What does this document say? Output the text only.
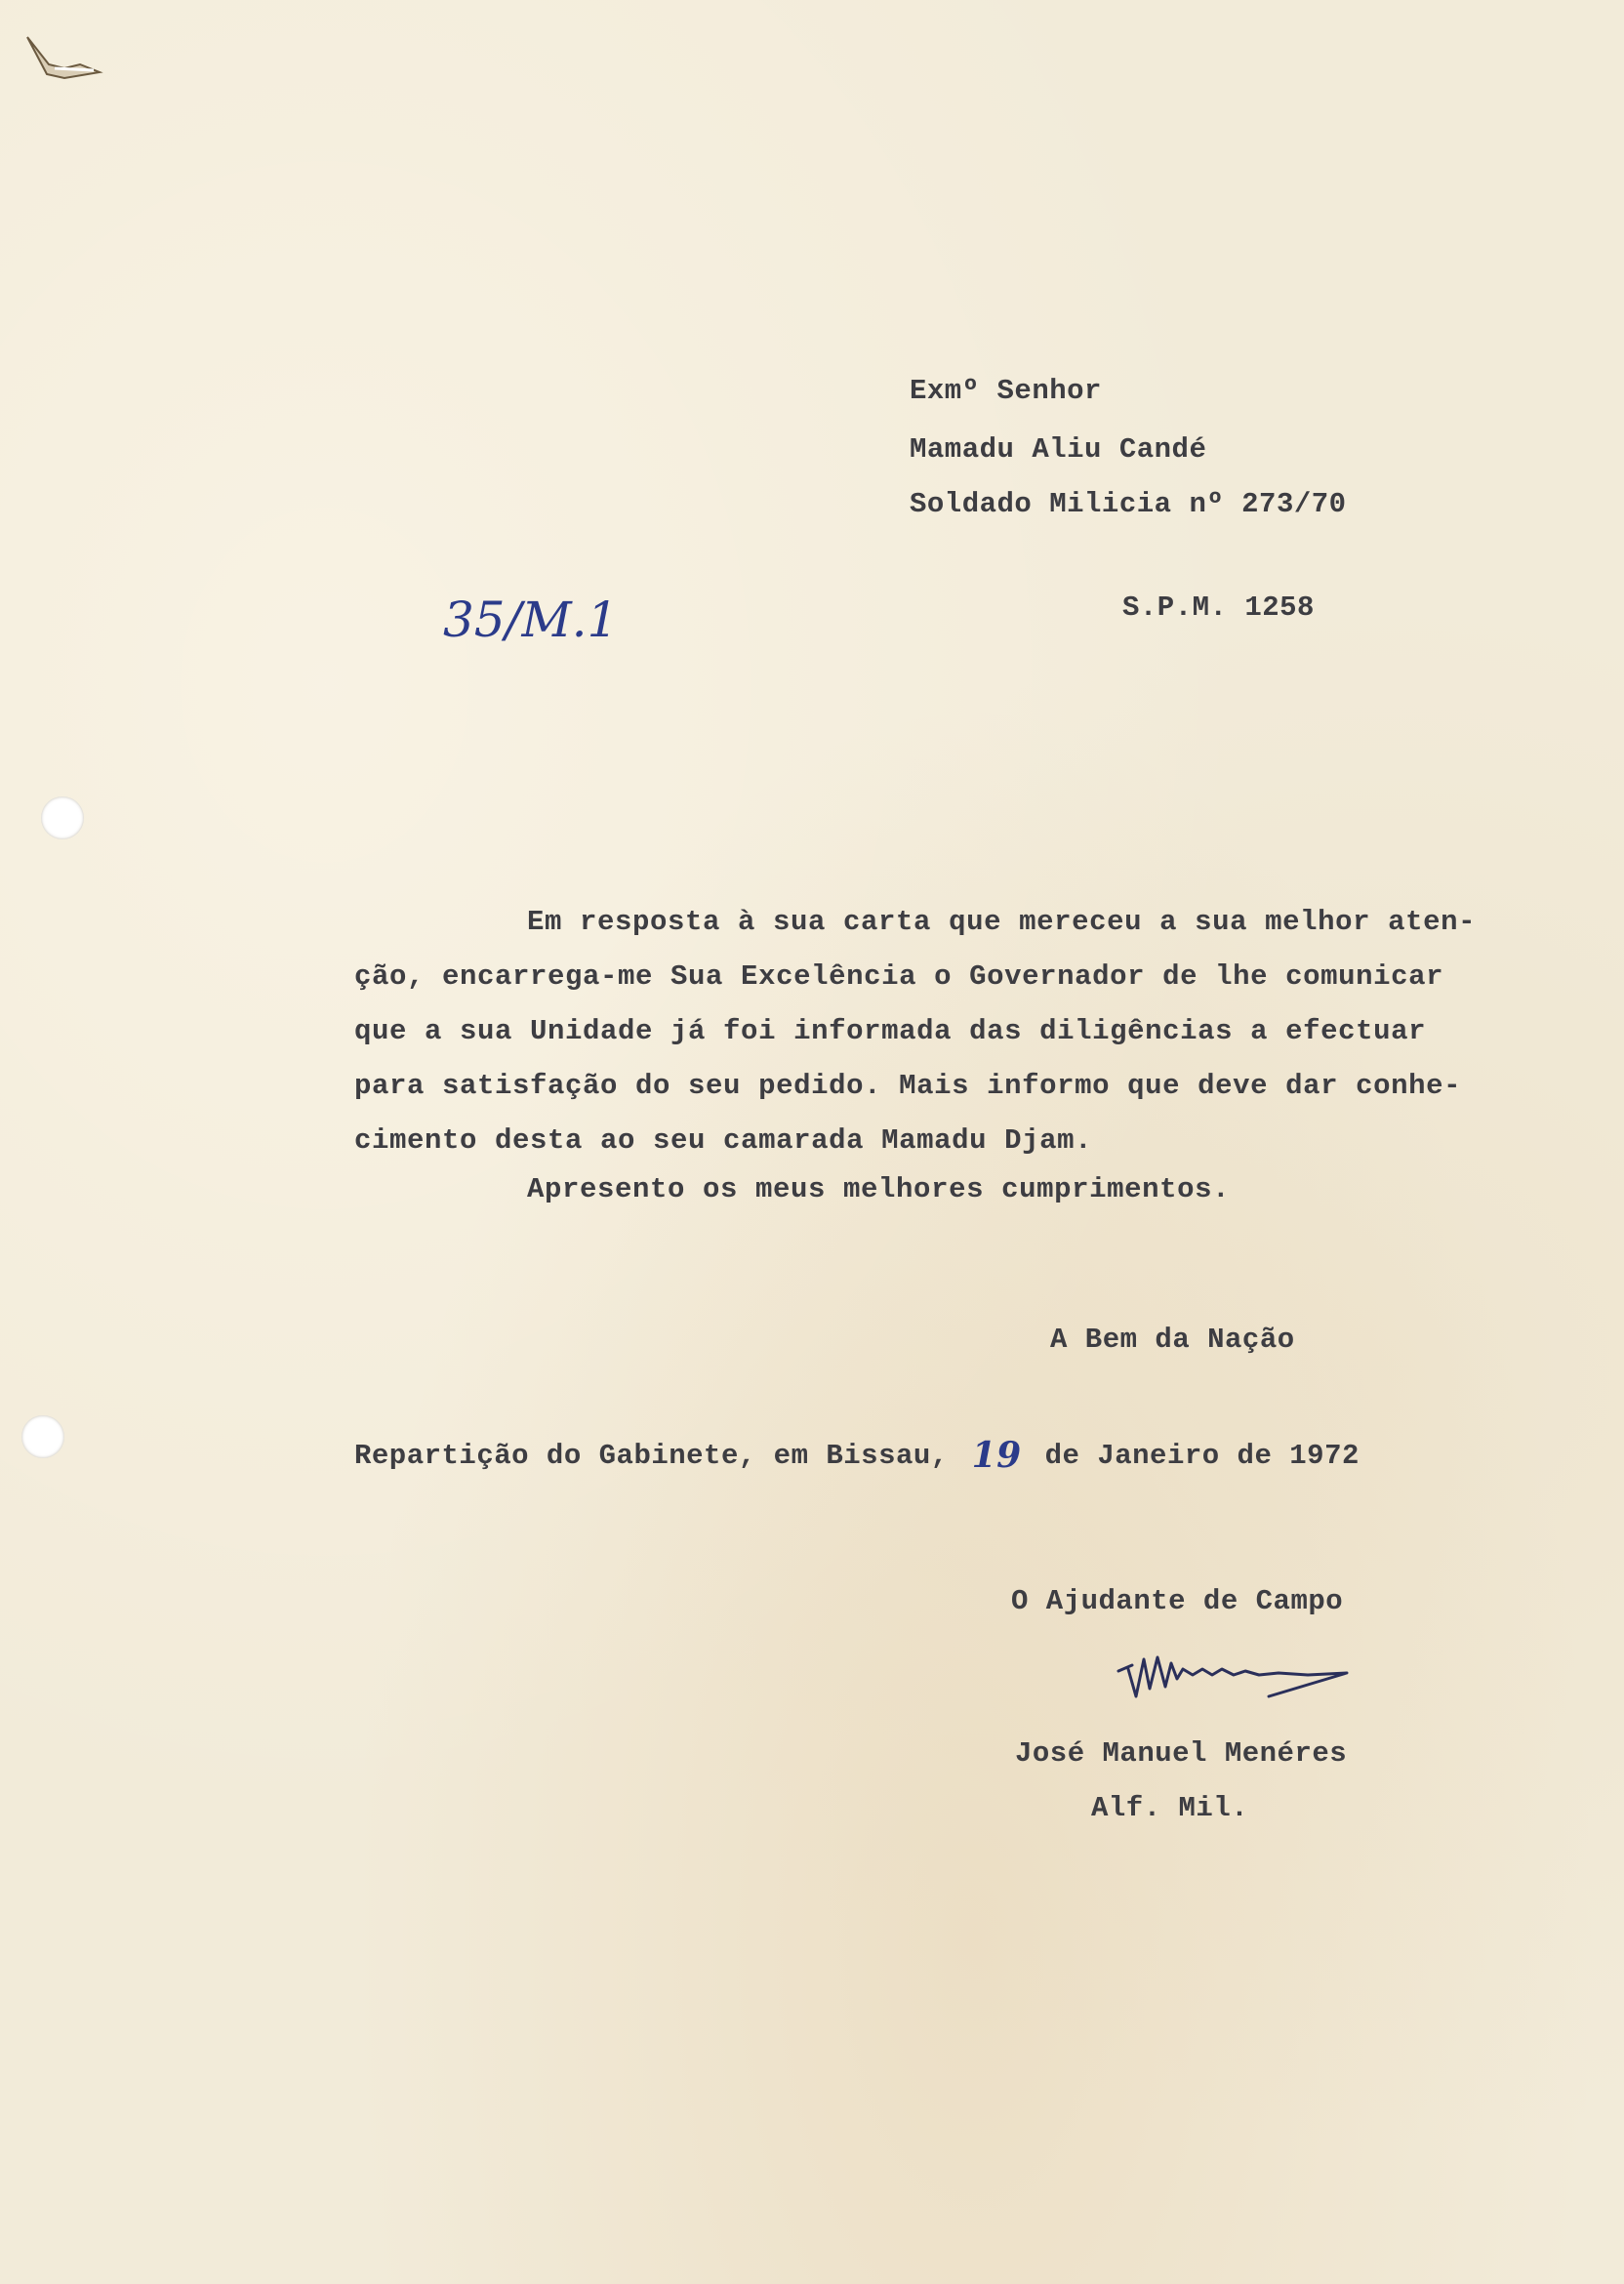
Exmº Senhor
Mamadu Aliu Candé
Soldado Milicia nº 273/70
S.P.M. 1258
35/M.1
Em resposta à sua carta que mereceu a sua melhor aten-
ção, encarrega-me Sua Excelência o Governador de lhe comunicar
que a sua Unidade já foi informada das diligências a efectuar
para satisfação do seu pedido. Mais informo que deve dar conhe-
cimento desta ao seu camarada Mamadu Djam.
Apresento os meus melhores cumprimentos.
A Bem da Nação
Repartição do Gabinete, em Bissau, 19 de Janeiro de 1972
O Ajudante de Campo
José Manuel Menéres
Alf. Mil.
